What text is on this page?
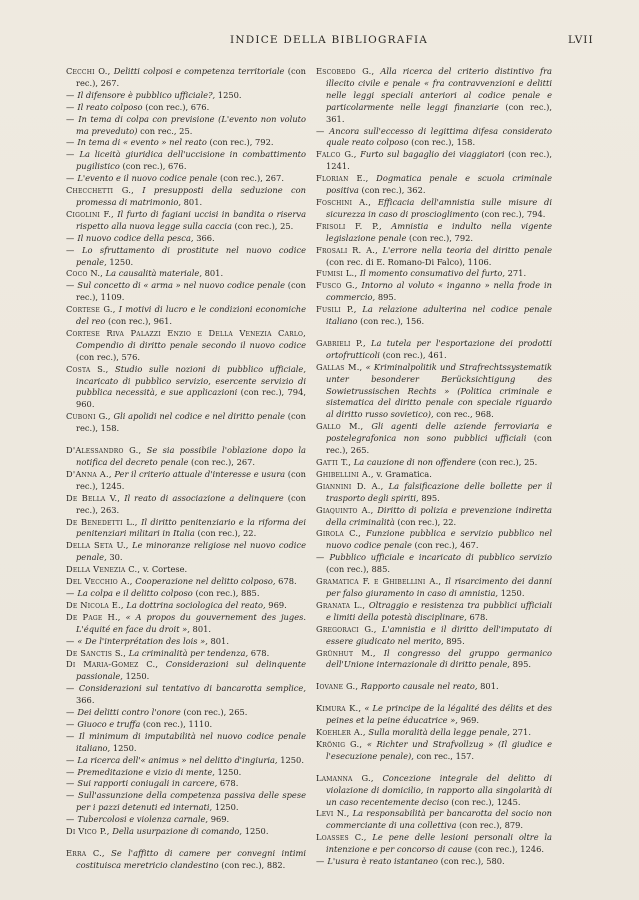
INDICE DELLA BIBLIOGRAFIA	LVII
Cecchi O., Delitti colposi e competenza territoriale (con rec.), 267.
— Il difensore è pubblico ufficiale?, 1250.
— Il reato colposo (con rec.), 676.
— In tema di colpa con previsione (L'evento non voluto ma preveduto) con rec., 25.
— In tema di « evento » nel reato (con rec.), 792.
— La liceità giuridica dell'uccisione in combattimento pugilistico (con rec.), 676.
— L'evento e il nuovo codice penale (con rec.), 267.
Checchetti G., I presupposti della seduzione con promessa di matrimonio, 801.
Cigolini F., Il furto di fagiani uccisi in bandita o riserva rispetto alla nuova legge sulla caccia (con rec.), 25.
— Il nuovo codice della pesca, 366.
— Lo sfruttamento di prostitute nel nuovo codice penale, 1250.
Coco N., La causalità materiale, 801.
— Sul concetto di « arma » nel nuovo codice penale (con rec.), 1109.
Cortese G., I motivi di lucro e le condizioni economiche del reo (con rec.), 961.
Cortese Riva Palazzi Enzio e Della Venezia Carlo, Compendio di diritto penale secondo il nuovo codice (con rec.), 576.
Costa S., Studio sulle nozioni di pubblico ufficiale, incaricato di pubblico servizio, esercente servizio di pubblica necessità, e sue applicazioni (con rec.), 794, 960.
Cuboni G., Gli apolidi nel codice e nel diritto penale (con rec.), 158.
D'Alessandro G., Se sia possibile l'oblazione dopo la notifica del decreto penale (con rec.), 267.
D'Anna A., Per il criterio attuale d'interesse e usura (con rec.), 1245.
De Bella V., Il reato di associazione a delinquere (con rec.), 263.
De Benedetti L., Il diritto penitenziario e la riforma dei penitenziari militari in Italia (con rec.), 22.
Della Seta U., Le minoranze religiose nel nuovo codice penale, 30.
Della Venezia C., v. Cortese.
Del Vecchio A., Cooperazione nel delitto colposo, 678.
— La colpa e il delitto colposo (con rec.), 885.
De Nicola E., La dottrina sociologica del reato, 969.
De Page H., « A propos du gouvernement des juges. L'équité en face du droit », 801.
— « De l'interprétation des lois », 801.
De Sanctis S., La criminalità per tendenza, 678.
Di Maria-Gomez C., Considerazioni sul delinquente passionale, 1250.
— Considerazioni sul tentativo di bancarotta semplice, 366.
— Dei delitti contro l'onore (con rec.), 265.
— Giuoco e truffa (con rec.), 1110.
— Il minimum di imputabilità nel nuovo codice penale italiano, 1250.
— La ricerca dell'« animus » nel delitto d'ingiuria, 1250.
— Premeditazione e vizio di mente, 1250.
— Sui rapporti coniugali in carcere, 678.
— Sull'assunzione della competenza passiva delle spese per i pazzi detenuti ed internati, 1250.
— Tubercolosi e violenza carnale, 969.
Di Vico P., Della usurpazione di comando, 1250.
Erra C., Se l'affitto di camere per convegni intimi costituisca meretricio clandestino (con rec.), 882.
Escobedo G., Alla ricerca del criterio distintivo fra illecito civile e penale « fra contravvenzioni e delitti nelle leggi speciali anteriori al codice penale e particolarmente nelle leggi finanziarie (con rec.), 361.
— Ancora sull'eccesso di legittima difesa considerato quale reato colposo (con rec.), 158.
Falco G., Furto sul bagaglio dei viaggiatori (con rec.), 1241.
Florian E., Dogmatica penale e scuola criminale positiva (con rec.), 362.
Foschini A., Efficacia dell'amnistia sulle misure di sicurezza in caso di proscioglimento (con rec.), 794.
Frisoli F. P., Amnistia e indulto nella vigente legislazione penale (con rec.), 792.
Frosali R. A., L'errore nella teoria del diritto penale (con rec. di E. Romano-Di Falco), 1106.
Fumisi L., Il momento consumativo del furto, 271.
Fusco G., Intorno al voluto « inganno » nella frode in commercio, 895.
Fusili P., La relazione adulterina nel codice penale italiano (con rec.), 156.
Gabrieli P., La tutela per l'esportazione dei prodotti ortofrutticoli (con rec.), 461.
Gallas M., « Kriminalpolitik und Strafrechtssystematik unter besonderer Berücksichtigung des Sowietrussischen Rechts » (Politica criminale e sistematica del diritto penale con speciale riguardo al diritto russo sovietico), con rec., 968.
Gallo M., Gli agenti delle aziende ferroviaria e postelegrafonica non sono pubblici ufficiali (con rec.), 265.
Gatti T., La cauzione di non offendere (con rec.), 25.
Ghibellini A., v. Gramatica.
Giannini D. A., La falsificazione delle bollette per il trasporto degli spiriti, 895.
Giaquinto A., Diritto di polizia e prevenzione indiretta della criminalità (con rec.), 22.
Girola C., Funzione pubblica e servizio pubblico nel nuovo codice penale (con rec.), 467.
— Pubblico ufficiale e incaricato di pubblico servizio (con rec.), 885.
Gramatica F. e Ghibellini A., Il risarcimento dei danni per falso giuramento in caso di amnistia, 1250.
Granata L., Oltraggio e resistenza tra pubblici ufficiali e limiti della potestà disciplinare, 678.
Gregoraci G., L'amnistia e il diritto dell'imputato di essere giudicato nel merito, 895.
Grünhut M., Il congresso del gruppo germanico dell'Unione internazionale di diritto penale, 895.
Iovane G., Rapporto causale nel reato, 801.
Kimura K., « Le principe de la légalité des délits et des peines et la peine éducatrice », 969.
Koehler A., Sulla moralità della legge penale, 271.
Krönig G., « Richter und Strafvollzug » (Il giudice e l'esecuzione penale), con rec., 157.
Lamanna G., Concezione integrale del delitto di violazione di domicilio, in rapporto alla singolarità di un caso recentemente deciso (con rec.), 1245.
Levi N., La responsabilità per bancarotta del socio non commerciante di una collettiva (con rec.), 879.
Loasses C., Le pene delle lesioni personali oltre la intenzione e per concorso di cause (con rec.), 1246.
— L'usura è reato istantaneo (con rec.), 580.
